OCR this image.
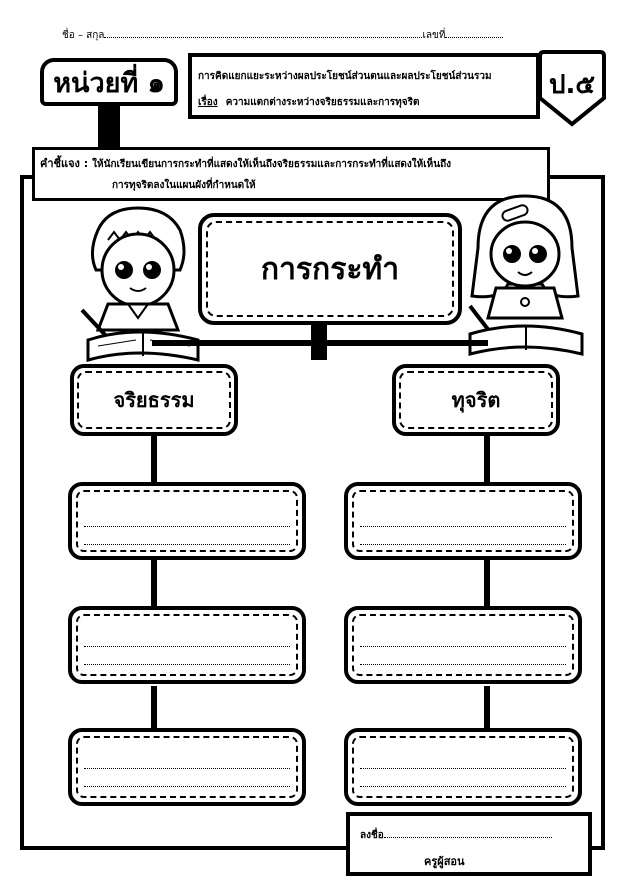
ชื่อ – สกุล	เลขที่
หน่วยที่ ๑	การคิดแยกแยะระหว่างผลประโยชน์ส่วนตนและผลประโยชน์ส่วนรวม
เรื่อง ความแตกต่างระหว่างจริยธรรมและการทุจริต
ป.๕
คำชี้แจง : ให้นักเรียนเขียนการกระทำที่แสดงให้เห็นถึงจริยธรรมและการกระทำที่แสดงให้เห็นถึง
การทุจริตลงในแผนผังที่กำหนดให้
การกระทำ
จริยธรรม	ทุจริต
ลงชื่อ
ครูผู้สอน
